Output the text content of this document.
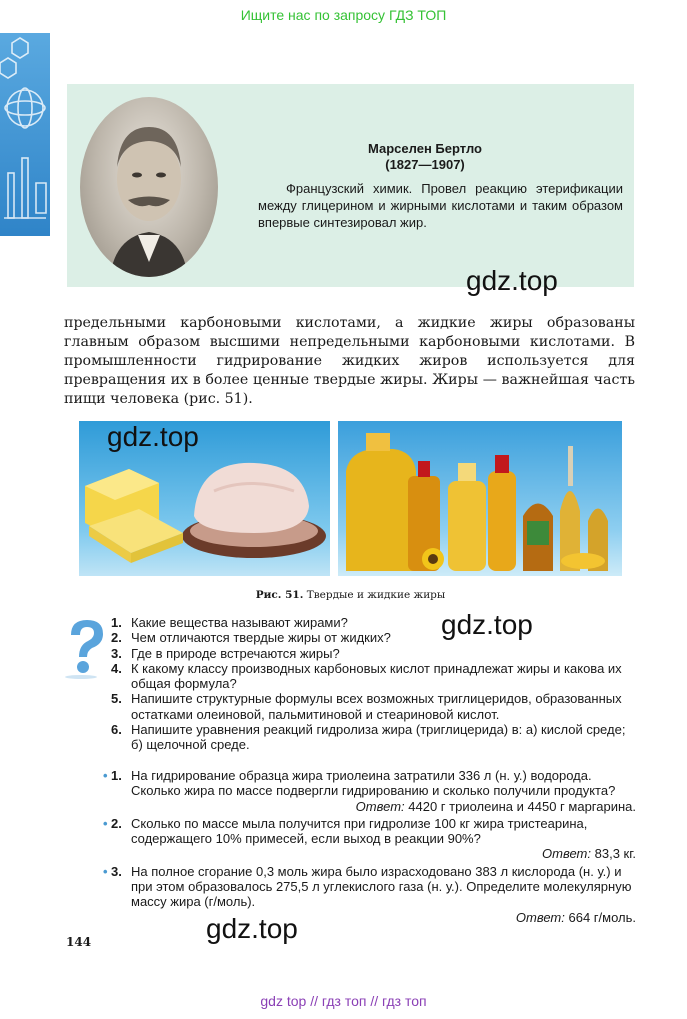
Ищите нас по запросу ГДЗ ТОП
Марселен Бертло
(1827—1907)
Французский химик. Провел реакцию этерификации между глицерином и жирными кислотами и таким образом впервые синтезировал жир.
gdz.top
предельными карбоновыми кислотами, а жидкие жиры образованы главным образом высшими непредельными карбоновыми кислотами. В промышленности гидрирование жидких жиров используется для превращения их в более ценные твердые жиры. Жиры — важнейшая часть пищи человека (рис. 51).
gdz.top
Рис. 51. Твердые и жидкие жиры
1. Какие вещества называют жирами?
2. Чем отличаются твердые жиры от жидких?
3. Где в природе встречаются жиры?
4. К какому классу производных карбоновых кислот принадлежат жиры и какова их общая формула?
5. Напишите структурные формулы всех возможных триглицеридов, образованных остатками олеиновой, пальмитиновой и стеариновой кислот.
6. Напишите уравнения реакций гидролиза жира (триглицерида) в: а) кислой среде; б) щелочной среде.
gdz.top
• 1. На гидрирование образца жира триолеина затратили 336 л (н. у.) водорода. Сколько жира по массе подвергли гидрированию и сколько получили продукта?
Ответ: 4420 г триолеина и 4450 г маргарина.
• 2. Сколько по массе мыла получится при гидролизе 100 кг жира тристеарина, содержащего 10% примесей, если выход в реакции 90%?
Ответ: 83,3 кг.
• 3. На полное сгорание 0,3 моль жира было израсходовано 383 л кислорода (н. у.) и при этом образовалось 275,5 л углекислого газа (н. у.). Определите молекулярную массу жира (г/моль).
Ответ: 664 г/моль.
144	gdz.top
gdz top // гдз топ // гдз топ
